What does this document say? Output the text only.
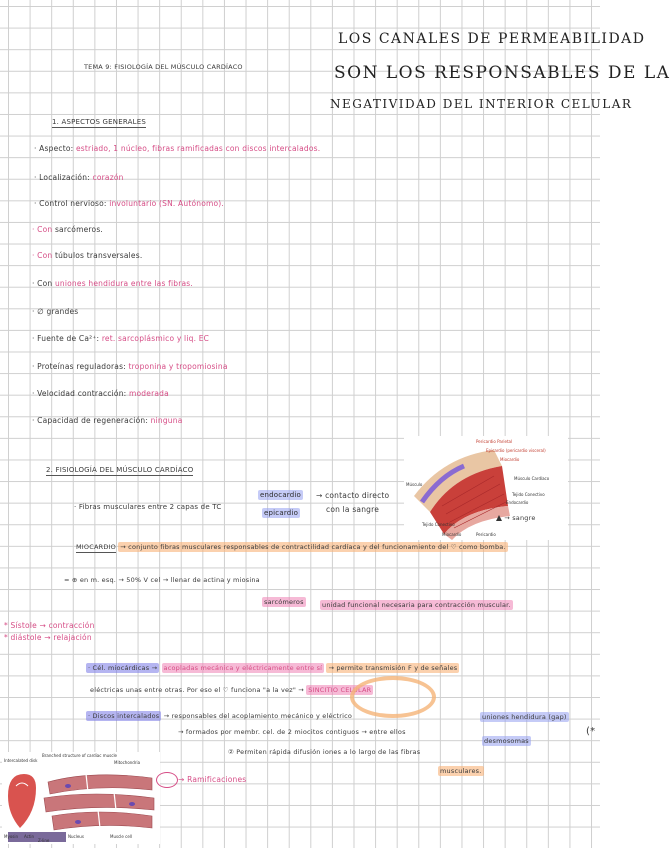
TEMA 9: FISIOLOGÍA DEL MÚSCULO CARDÍACO
LOS CANALES DE PERMEABILIDAD
SON LOS RESPONSABLES DE LA
NEGATIVIDAD DEL INTERIOR CELULAR
1. ASPECTOS GENERALES
· Aspecto: estriado, 1 núcleo, fibras ramificadas con discos intercalados.
· Localización: corazón
· Control nervioso: involuntario (SN. Autónomo).
· Con sarcómeros.
· Con túbulos transversales.
· Con uniones hendidura entre las fibras.
· ∅ grandes
· Fuente de Ca²⁺: ret. sarcoplásmico y liq. EC
· Proteínas reguladoras: troponina y tropomiosina
· Velocidad contracción: moderada
· Capacidad de regeneración: ninguna
Pericardio Parietal
Epicardio (pericardio visceral)
Miocardio
Músculo Cardíaco
Tejido Conectivo
Endocardio
Tejido Conectivo
Músculo
Miocardio	Pericardio
→ sangre
2. FISIOLOGÍA DEL MÚSCULO CARDÍACO
· Fibras musculares entre 2 capas de TC
endocardio
epicardio
→ contacto directo
con la sangre
MIOCARDIO → conjunto fibras musculares responsables de contractilidad cardíaca y del funcionamiento del ♡ como bomba.
= ⊕ en m. esq. → 50% V cel → llenar de actina y miosina
sarcómeros	unidad funcional necesaria para contracción muscular.
* Sístole → contracción
* diástole → relajación
· Cél. miocárdicas → acopladas mecánica y eléctricamente entre sí → permite transmisión F y de señales
eléctricas unas entre otras. Por eso el ♡ funciona "a la vez" → SINCITIO CELULAR
· Discos intercalados → responsables del acoplamiento mecánico y eléctrico
→ formados por membr. cel. de 2 miocitos contiguos → entre ellos
uniones hendidura (gap)
desmosomas
(*
② Permiten rápida difusión iones a lo largo de las fibras
musculares.
Branched structure of cardiac muscle
Intercalated disk	Mitochondria
Muscle cell
Myosin Actin
Z-line
Nucleus
→ Ramificaciones
